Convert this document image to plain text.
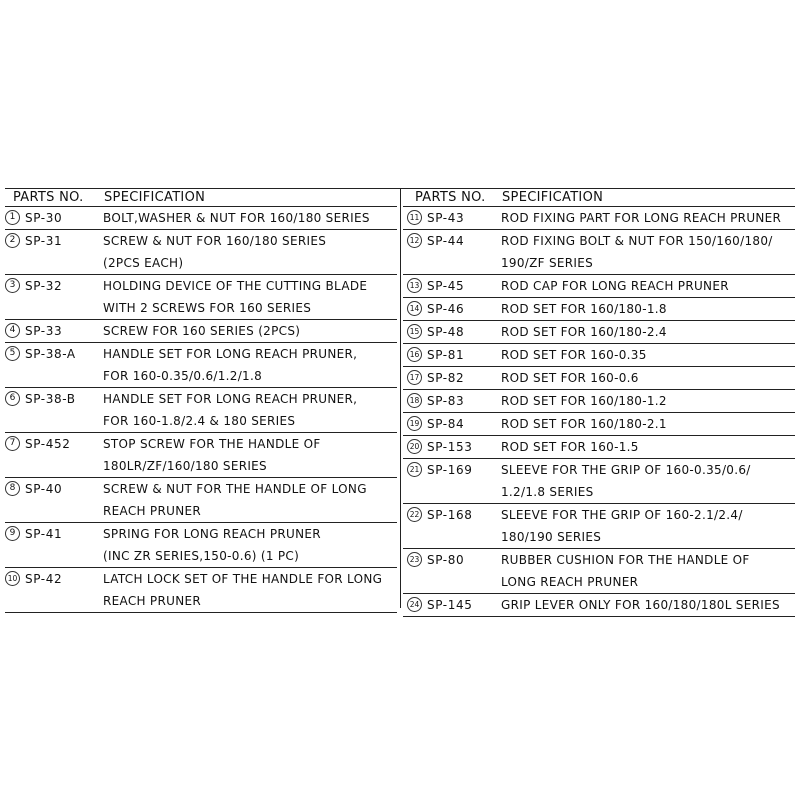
PARTS NO. SPECIFICATION
1 SP-30	BOLT,WASHER & NUT FOR 160/180 SERIES
2 SP-31	SCREW & NUT FOR 160/180 SERIES
(2PCS EACH)
3 SP-32	HOLDING DEVICE OF THE CUTTING BLADE
WITH 2 SCREWS FOR 160 SERIES
4 SP-33	SCREW FOR 160 SERIES (2PCS)
5 SP-38-A HANDLE SET FOR LONG REACH PRUNER,
FOR 160-0.35/0.6/1.2/1.8
6 SP-38-B HANDLE SET FOR LONG REACH PRUNER,
FOR 160-1.8/2.4 & 180 SERIES
7 SP-452	STOP SCREW FOR THE HANDLE OF
180LR/ZF/160/180 SERIES
8 SP-40	SCREW & NUT FOR THE HANDLE OF LONG
REACH PRUNER
9 SP-41	SPRING FOR LONG REACH PRUNER
(INC ZR SERIES,150-0.6) (1 PC)
10 SP-42	LATCH LOCK SET OF THE HANDLE FOR LONG
REACH PRUNER
PARTS NO. SPECIFICATION
11 SP-43	ROD FIXING PART FOR LONG REACH PRUNER
12 SP-44	ROD FIXING BOLT & NUT FOR 150/160/180/
190/ZF SERIES
13 SP-45	ROD CAP FOR LONG REACH PRUNER
14 SP-46	ROD SET FOR 160/180-1.8
15 SP-48	ROD SET FOR 160/180-2.4
16 SP-81	ROD SET FOR 160-0.35
17 SP-82	ROD SET FOR 160-0.6
18 SP-83	ROD SET FOR 160/180-1.2
19 SP-84	ROD SET FOR 160/180-2.1
20 SP-153 ROD SET FOR 160-1.5
21 SP-169 SLEEVE FOR THE GRIP OF 160-0.35/0.6/
1.2/1.8 SERIES
22 SP-168 SLEEVE FOR THE GRIP OF 160-2.1/2.4/
180/190 SERIES
23 SP-80	RUBBER CUSHION FOR THE HANDLE OF
LONG REACH PRUNER
24 SP-145 GRIP LEVER ONLY FOR 160/180/180L SERIES
